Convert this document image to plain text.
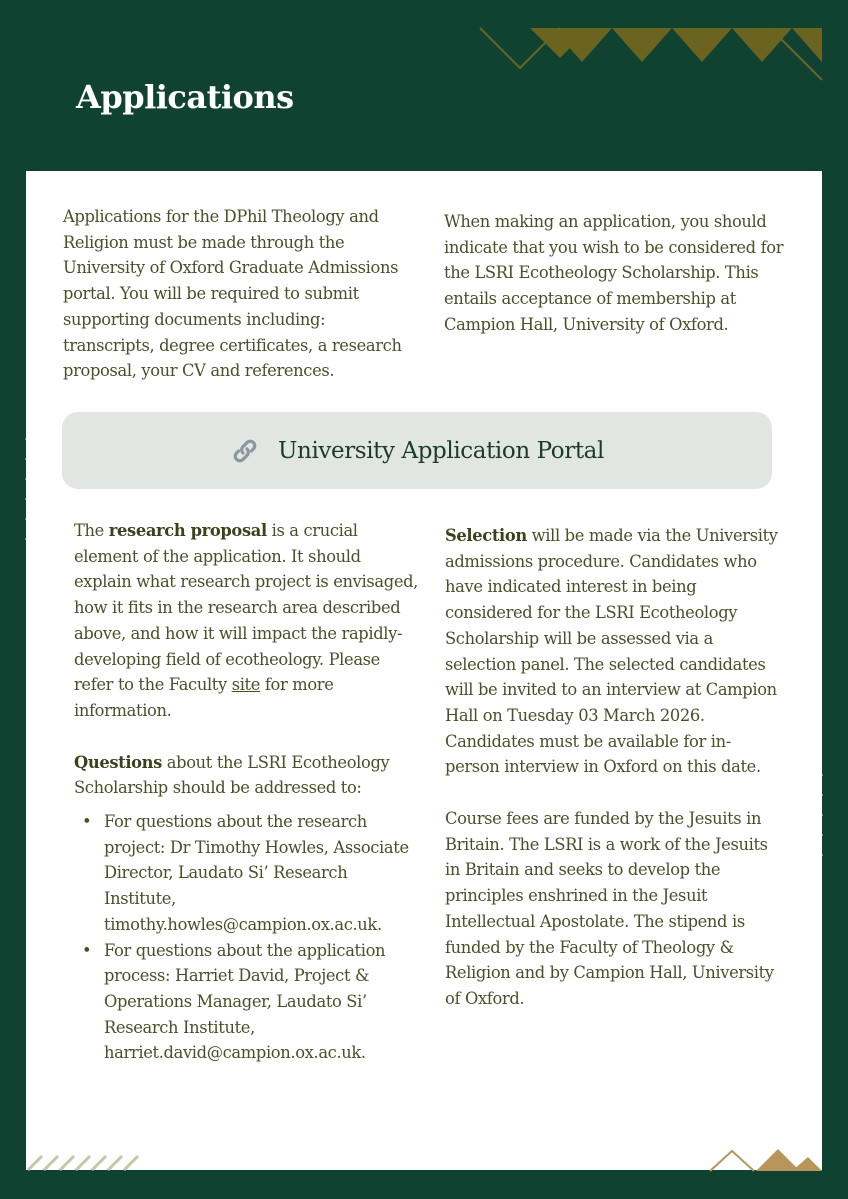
Applications

Applications for the DPhil Theology and Religion must be made through the University of Oxford Graduate Admissions portal. You will be required to submit supporting documents including: transcripts, degree certificates, a research proposal, your CV and references.

When making an application, you should indicate that you wish to be considered for the LSRI Ecotheology Scholarship. This entails acceptance of membership at Campion Hall, University of Oxford.

University Application Portal

The research proposal is a crucial element of the application. It should explain what research project is envisaged, how it fits in the research area described above, and how it will impact the rapidly-developing field of ecotheology. Please refer to the Faculty site for more information.

Questions about the LSRI Ecotheology Scholarship should be addressed to:

• For questions about the research project: Dr Timothy Howles, Associate Director, Laudato Si’ Research Institute, timothy.howles@campion.ox.ac.uk.
• For questions about the application process: Harriet David, Project & Operations Manager, Laudato Si’ Research Institute, harriet.david@campion.ox.ac.uk.

Selection will be made via the University admissions procedure. Candidates who have indicated interest in being considered for the LSRI Ecotheology Scholarship will be assessed via a selection panel. The selected candidates will be invited to an interview at Campion Hall on Tuesday 03 March 2026. Candidates must be available for in-person interview in Oxford on this date.

Course fees are funded by the Jesuits in Britain. The LSRI is a work of the Jesuits in Britain and seeks to develop the principles enshrined in the Jesuit Intellectual Apostolate. The stipend is funded by the Faculty of Theology & Religion and by Campion Hall, University of Oxford.
